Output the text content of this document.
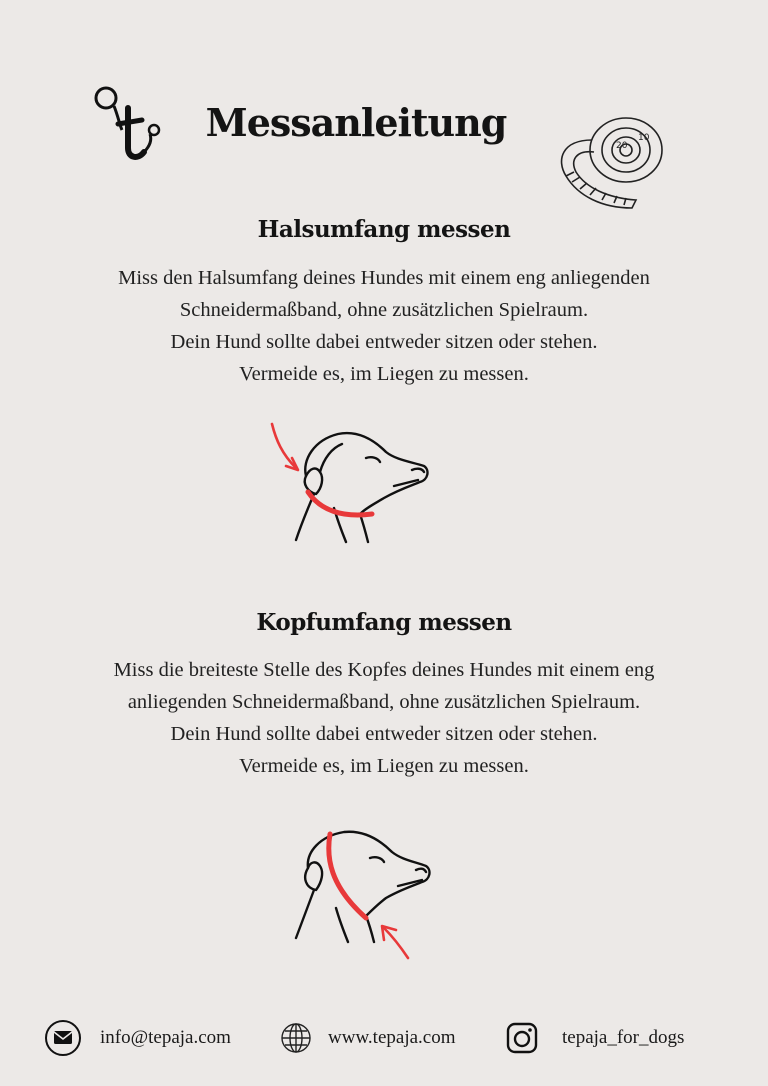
Messanleitung
20
10
Halsumfang messen
Miss den Halsumfang deines Hundes mit einem eng anliegenden
Schneidermaßband, ohne zusätzlichen Spielraum.
Dein Hund sollte dabei entweder sitzen oder stehen.
Vermeide es, im Liegen zu messen.
Kopfumfang messen
Miss die breiteste Stelle des Kopfes deines Hundes mit einem eng
anliegenden Schneidermaßband, ohne zusätzlichen Spielraum.
Dein Hund sollte dabei entweder sitzen oder stehen.
Vermeide es, im Liegen zu messen.
info@tepaja.com	www.tepaja.com	tepaja_for_dogs
